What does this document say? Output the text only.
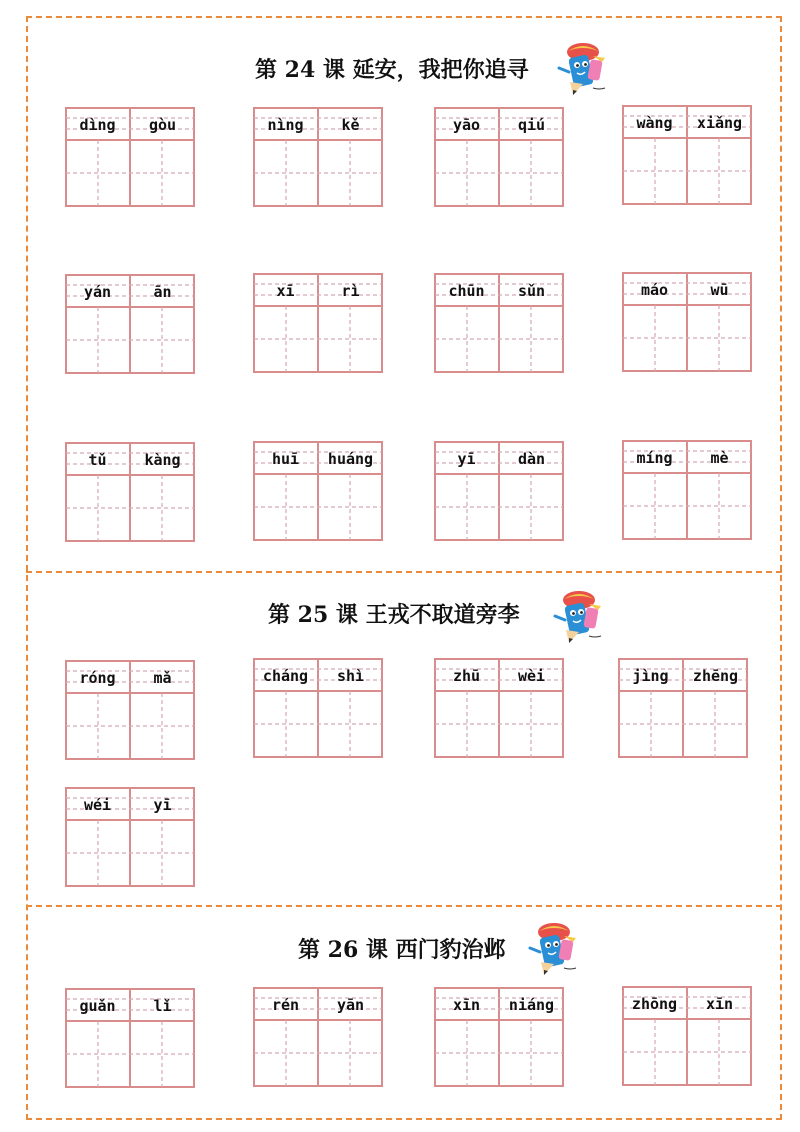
第 24 课 延安，我把你追寻
dìng	gòu	nìng	kě	yāo	qiú	wàng	xiǎng
yán	ān	xī	rì	chūn	sǔn	máo	wū
tǔ	kàng	huī	huáng	yī	dàn	míng	mè
第 25 课 王戎不取道旁李
róng	mǎ	cháng	shì	zhū	wèi	jìng	zhēng
wéi	yī
第 26 课 西门豹治邺
guǎn	lǐ	rén	yān	xīn	niáng	zhōng	xīn
